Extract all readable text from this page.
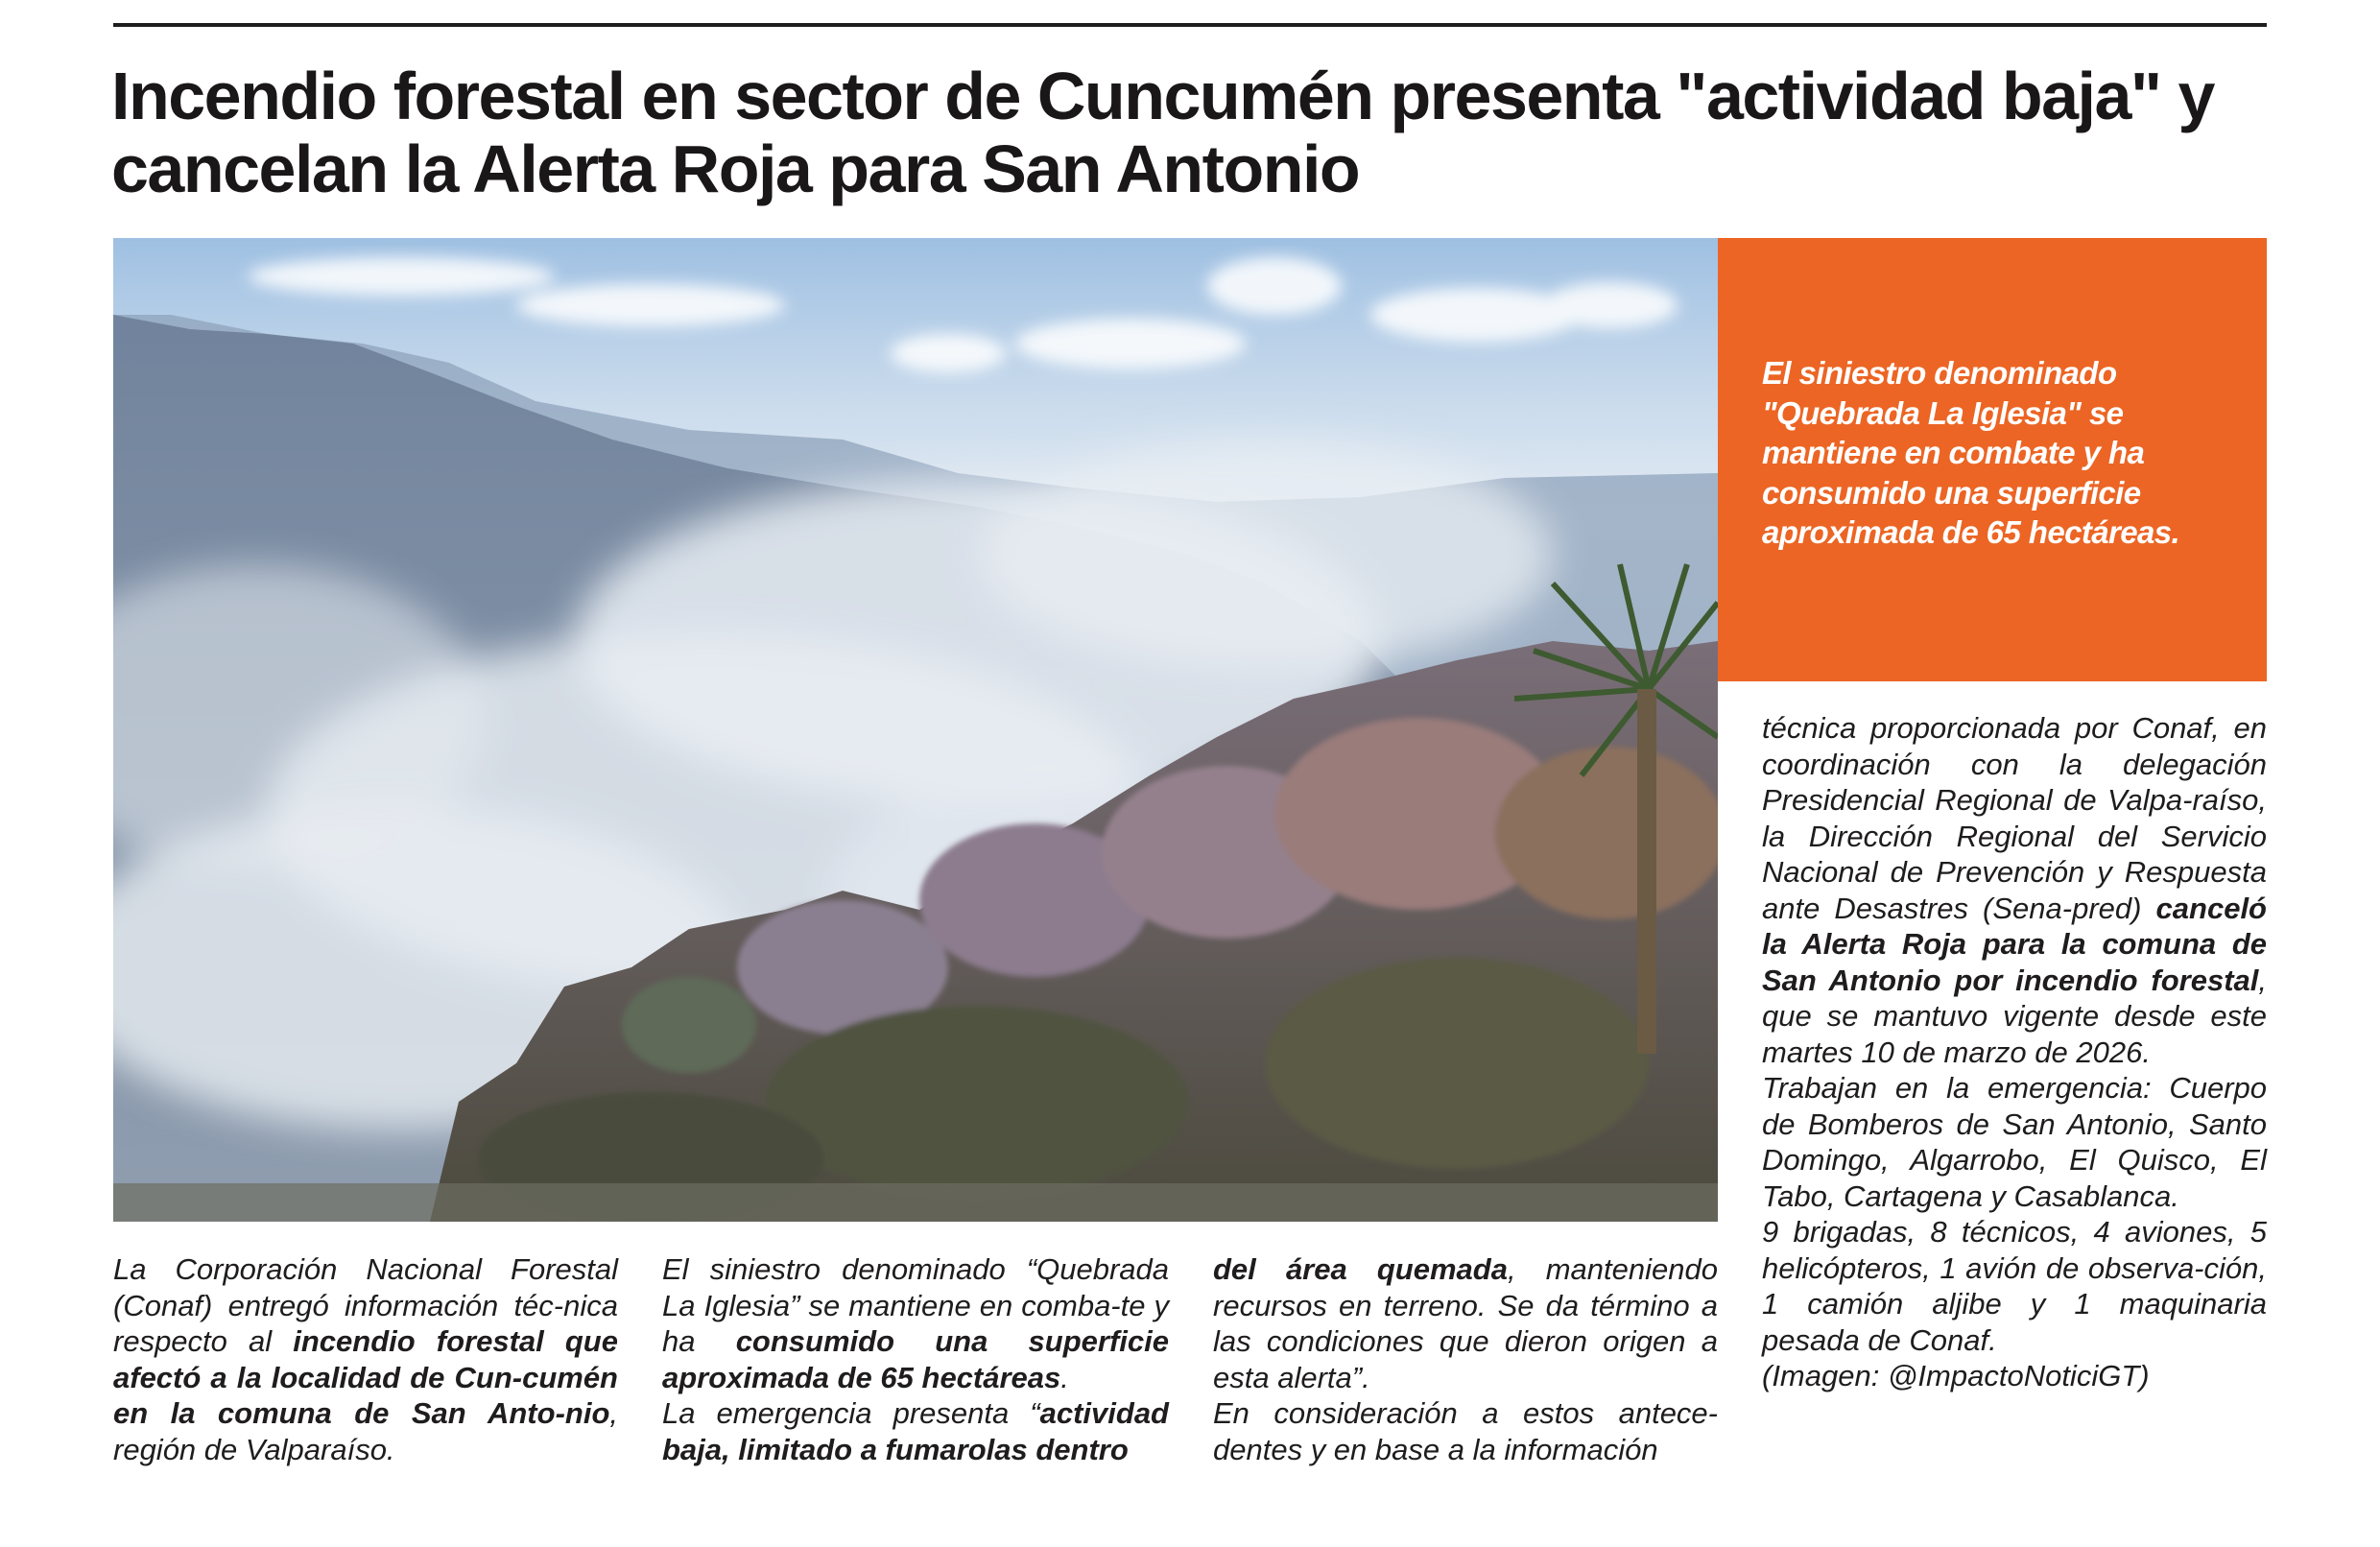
Incendio forestal en sector de Cuncumén presenta "actividad baja" y cancelan la Alerta Roja para San Antonio

El siniestro denominado "Quebrada La Iglesia" se mantiene en combate y ha consumido una superficie aproximada de 65 hectáreas.

La Corporación Nacional Forestal (Conaf) entregó información téc-nica respecto al incendio forestal que afectó a la localidad de Cun-cumén en la comuna de San Anto-nio, región de Valparaíso.

El siniestro denominado “Quebrada La Iglesia” se mantiene en comba-te y ha consumido una superficie aproximada de 65 hectáreas.

La emergencia presenta “actividad baja, limitado a fumarolas dentro

del área quemada, manteniendo recursos en terreno. Se da término a las condiciones que dieron origen a esta alerta”.

En consideración a estos antece-dentes y en base a la información

técnica proporcionada por Conaf, en coordinación con la delegación Presidencial Regional de Valpa-raíso, la Dirección Regional del Servicio Nacional de Prevención y Respuesta ante Desastres (Sena-pred) canceló la Alerta Roja para la comuna de San Antonio por incendio forestal, que se mantuvo vigente desde este martes 10 de marzo de 2026.

Trabajan en la emergencia: Cuerpo de Bomberos de San Antonio, Santo Domingo, Algarrobo, El Quisco, El Tabo, Cartagena y Casablanca.

9 brigadas, 8 técnicos, 4 aviones, 5 helicópteros, 1 avión de observa-ción, 1 camión aljibe y 1 maquinaria pesada de Conaf.

(Imagen: @ImpactoNoticiGT)
